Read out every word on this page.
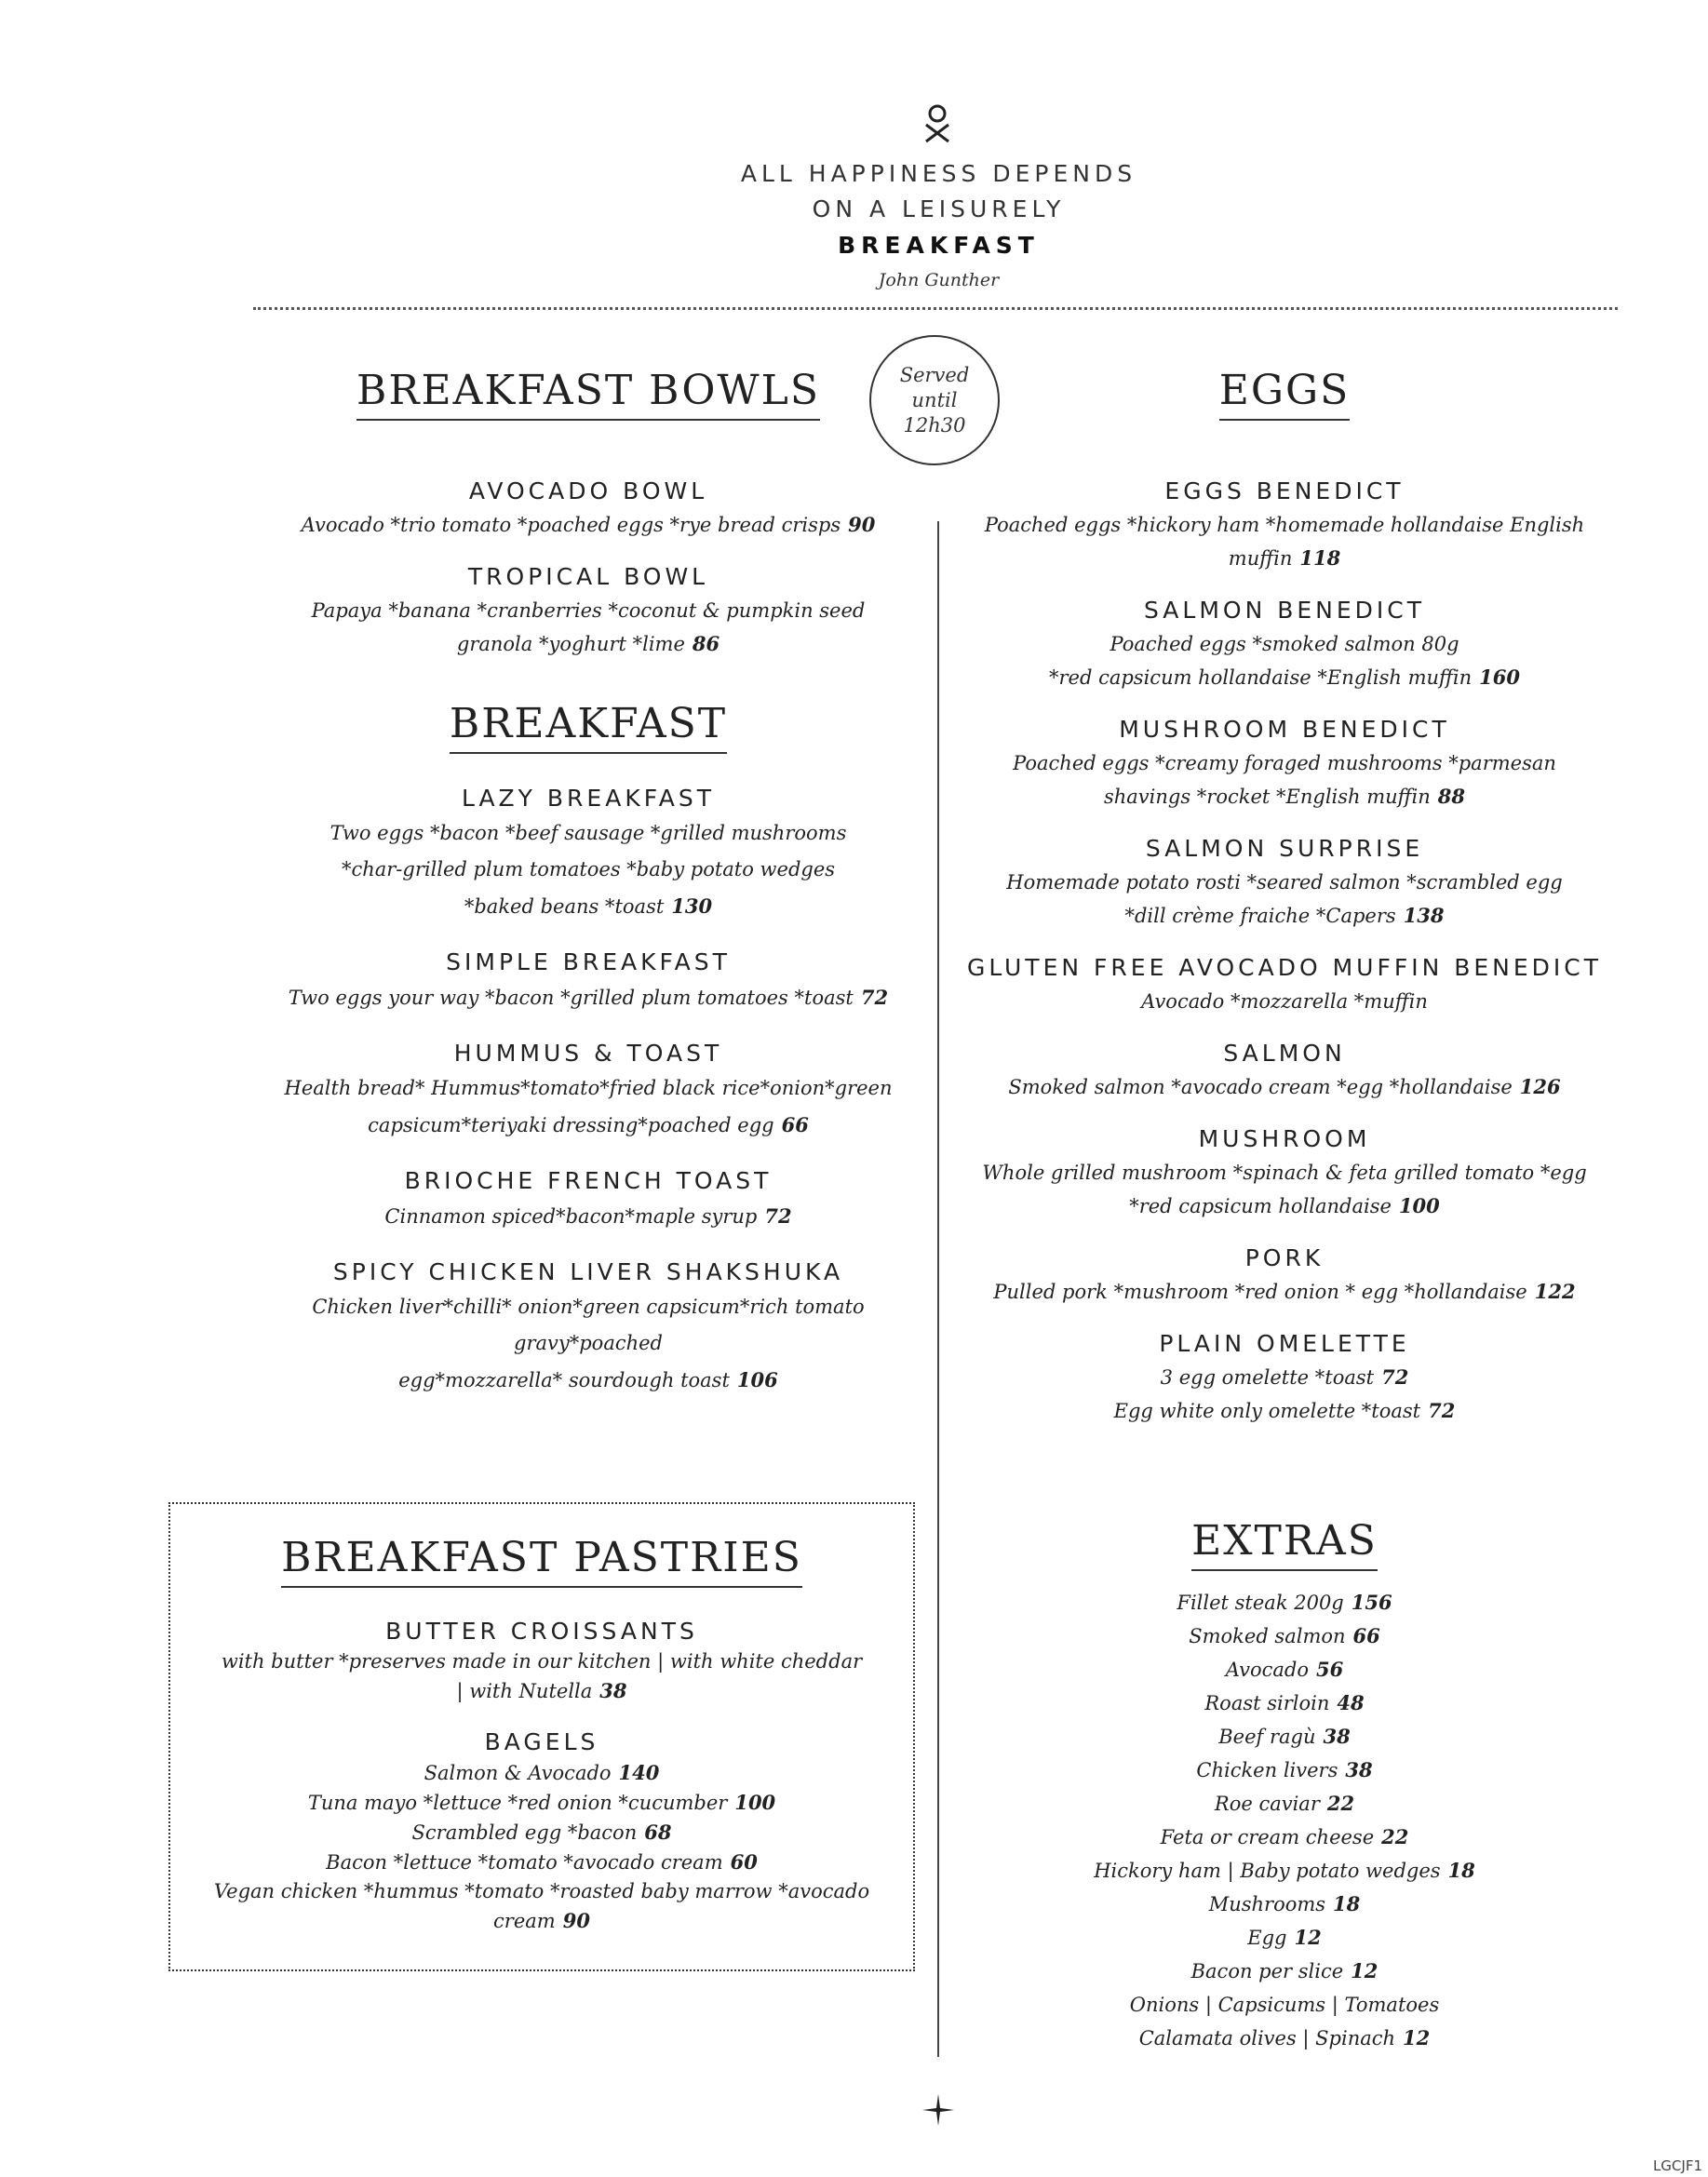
ALL HAPPINESS DEPENDS
ON A LEISURELY
BREAKFAST
John Gunther
BREAKFAST BOWLS	EGGS
Served
until
12h30
AVOCADO BOWL
Avocado *trio tomato *poached eggs *rye bread crisps 90
TROPICAL BOWL
Papaya *banana *cranberries *coconut & pumpkin seed
granola *yoghurt *lime 86
BREAKFAST
LAZY BREAKFAST
Two eggs *bacon *beef sausage *grilled mushrooms
*char-grilled plum tomatoes *baby potato wedges
*baked beans *toast 130
SIMPLE BREAKFAST
Two eggs your way *bacon *grilled plum tomatoes *toast 72
HUMMUS & TOAST
Health bread* Hummus*tomato*fried black rice*onion*green
capsicum*teriyaki dressing*poached egg 66
BRIOCHE FRENCH TOAST
Cinnamon spiced*bacon*maple syrup 72
SPICY CHICKEN LIVER SHAKSHUKA
Chicken liver*chilli* onion*green capsicum*rich tomato gravy*poached
egg*mozzarella* sourdough toast 106
BREAKFAST PASTRIES
BUTTER CROISSANTS
with butter *preserves made in our kitchen | with white cheddar
| with Nutella 38
BAGELS
Salmon & Avocado 140
Tuna mayo *lettuce *red onion *cucumber 100
Scrambled egg *bacon 68
Bacon *lettuce *tomato *avocado cream 60
Vegan chicken *hummus *tomato *roasted baby marrow *avocado
cream 90
EGGS BENEDICT
Poached eggs *hickory ham *homemade hollandaise English muffin 118
SALMON BENEDICT
Poached eggs *smoked salmon 80g
*red capsicum hollandaise *English muffin 160
MUSHROOM BENEDICT
Poached eggs *creamy foraged mushrooms *parmesan
shavings *rocket *English muffin 88
SALMON SURPRISE
Homemade potato rosti *seared salmon *scrambled egg
*dill crème fraiche *Capers 138
GLUTEN FREE AVOCADO MUFFIN BENEDICT
Avocado *mozzarella *muffin
SALMON
Smoked salmon *avocado cream *egg *hollandaise 126
MUSHROOM
Whole grilled mushroom *spinach & feta grilled tomato *egg
*red capsicum hollandaise 100
PORK
Pulled pork *mushroom *red onion * egg *hollandaise 122
PLAIN OMELETTE
3 egg omelette *toast 72
Egg white only omelette *toast 72
EXTRAS
Fillet steak 200g 156
Smoked salmon 66
Avocado 56
Roast sirloin 48
Beef ragù 38
Chicken livers 38
Roe caviar 22
Feta or cream cheese 22
Hickory ham | Baby potato wedges 18
Mushrooms 18
Egg 12
Bacon per slice 12
Onions | Capsicums | Tomatoes
Calamata olives | Spinach 12
LGCJF1
